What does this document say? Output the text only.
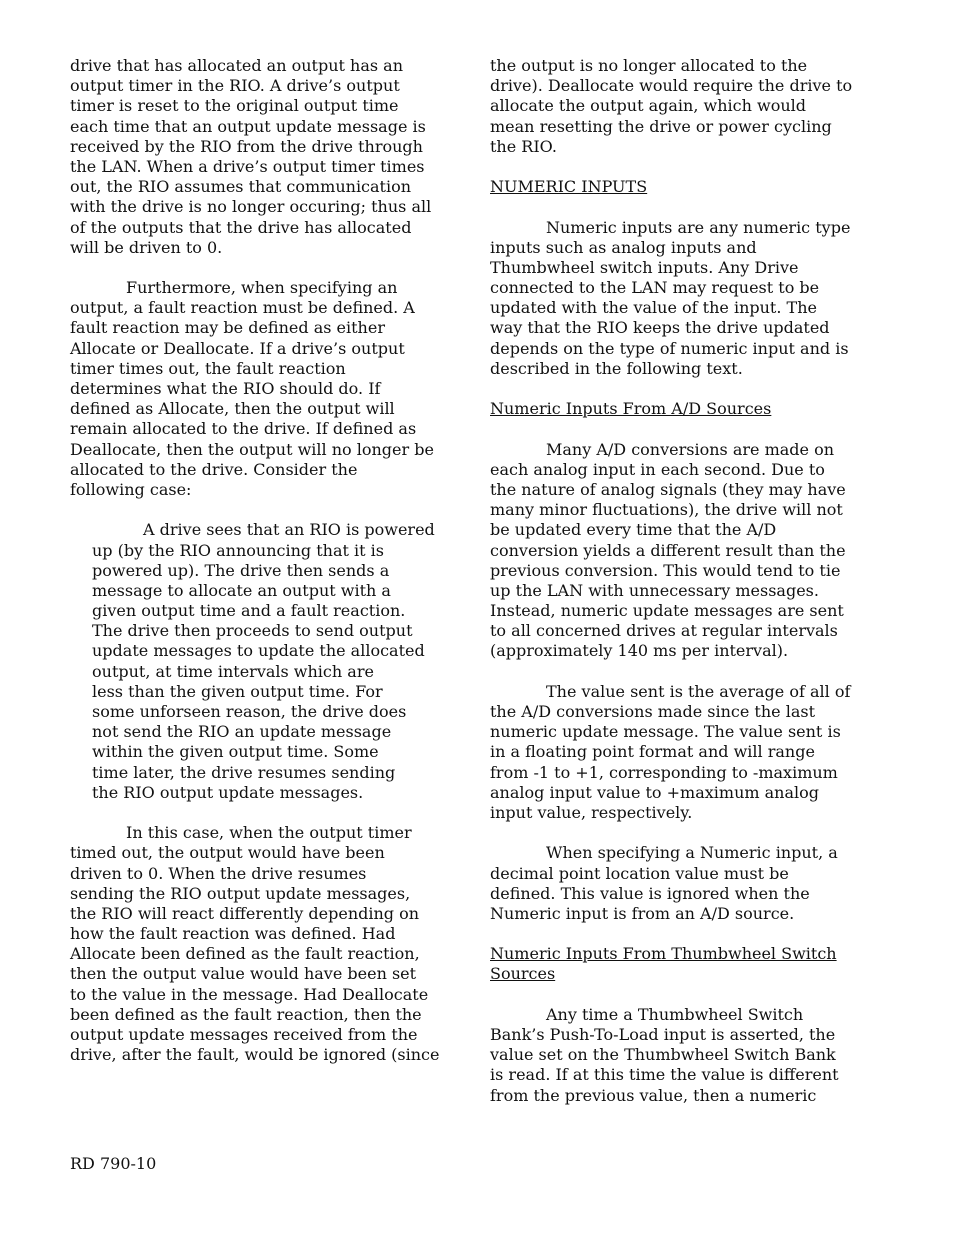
drive that has allocated an output has an
output timer in the RIO. A drive’s output
timer is reset to the original output time
each time that an output update message is
received by the RIO from the drive through
the LAN. When a drive’s output timer times
out, the RIO assumes that communication
with the drive is no longer occuring; thus all
of the outputs that the drive has allocated
will be driven to 0.
Furthermore, when specifying an
output, a fault reaction must be defined. A
fault reaction may be defined as either
Allocate or Deallocate. If a drive’s output
timer times out, the fault reaction
determines what the RIO should do. If
defined as Allocate, then the output will
remain allocated to the drive. If defined as
Deallocate, then the output will no longer be
allocated to the drive. Consider the
following case:
A drive sees that an RIO is powered
up (by the RIO announcing that it is
powered up). The drive then sends a
message to allocate an output with a
given output time and a fault reaction.
The drive then proceeds to send output
update messages to update the allocated
output, at time intervals which are
less than the given output time. For
some unforseen reason, the drive does
not send the RIO an update message
within the given output time. Some
time later, the drive resumes sending
the RIO output update messages.
In this case, when the output timer
timed out, the output would have been
driven to 0. When the drive resumes
sending the RIO output update messages,
the RIO will react differently depending on
how the fault reaction was defined. Had
Allocate been defined as the fault reaction,
then the output value would have been set
to the value in the message. Had Deallocate
been defined as the fault reaction, then the
output update messages received from the
drive, after the fault, would be ignored (since
the output is no longer allocated to the
drive). Deallocate would require the drive to
allocate the output again, which would
mean resetting the drive or power cycling
the RIO.
NUMERIC INPUTS
Numeric inputs are any numeric type
inputs such as analog inputs and
Thumbwheel switch inputs. Any Drive
connected to the LAN may request to be
updated with the value of the input. The
way that the RIO keeps the drive updated
depends on the type of numeric input and is
described in the following text.
Numeric Inputs From A/D Sources
Many A/D conversions are made on
each analog input in each second. Due to
the nature of analog signals (they may have
many minor fluctuations), the drive will not
be updated every time that the A/D
conversion yields a different result than the
previous conversion. This would tend to tie
up the LAN with unnecessary messages.
Instead, numeric update messages are sent
to all concerned drives at regular intervals
(approximately 140 ms per interval).
The value sent is the average of all of
the A/D conversions made since the last
numeric update message. The value sent is
in a floating point format and will range
from -1 to +1, corresponding to -maximum
analog input value to +maximum analog
input value, respectively.
When specifying a Numeric input, a
decimal point location value must be
defined. This value is ignored when the
Numeric input is from an A/D source.
Numeric Inputs From Thumbwheel Switch
Sources
Any time a Thumbwheel Switch
Bank’s Push-To-Load input is asserted, the
value set on the Thumbwheel Switch Bank
is read. If at this time the value is different
from the previous value, then a numeric
RD 790-10
